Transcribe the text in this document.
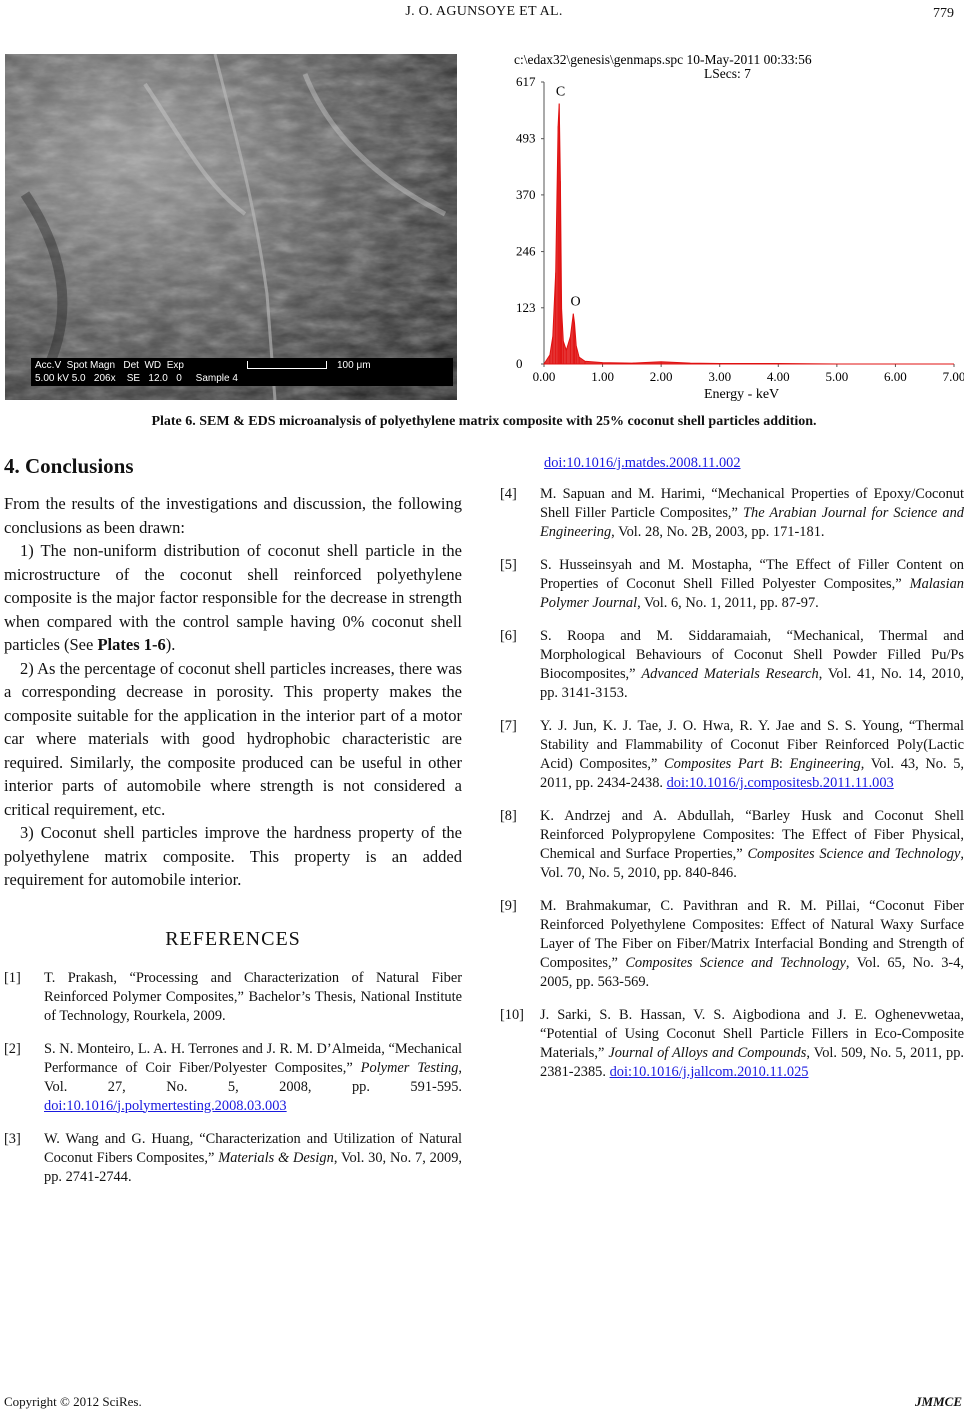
J. O. AGUNSOYE ET AL.	779
Acc.V  Spot Magn   Det  WD  Exp
5.00 kV 5.0   206x    SE   12.0   0     Sample 4
100 μm
c:\edax32\genesis\genmaps.spc 10-May-2011 00:33:56
LSecs: 7
0
123
246
370
493
617
0.00	1.00	2.00	3.00	4.00	5.00	6.00	7.00
C
O
Energy - keV
Plate 6. SEM & EDS microanalysis of polyethylene matrix composite with 25% coconut shell particles addition.
4. Conclusions

From the results of the investigations and discussion, the following conclusions as been drawn:

1) The non-uniform distribution of coconut shell particle in the microstructure of the coconut shell reinforced polyethylene composite is the major factor responsible for the decrease in strength when compared with the control sample having 0% coconut shell particles (See Plates 1-6).

2) As the percentage of coconut shell particles increases, there was a corresponding decrease in porosity. This property makes the composite suitable for the application in the interior part of a motor car where materials with good hydrophobic characteristic are required. Similarly, the composite produced can be useful in other interior parts of automobile where strength is not considered a critical requirement, etc.

3) Coconut shell particles improve the hardness property of the polyethylene matrix composite. This property is an added requirement for automobile interior.

REFERENCES
[1] T. Prakash, “Processing and Characterization of Natural Fiber Reinforced Polymer Composites,” Bachelor’s Thesis, National Institute of Technology, Rourkela, 2009.
[2] S. N. Monteiro, L. A. H. Terrones and J. R. M. D’Almeida, “Mechanical Performance of Coir Fiber/Polyester Composites,” Polymer Testing, Vol. 27, No. 5, 2008, pp. 591-595. doi:10.1016/j.polymertesting.2008.03.003
[3] W. Wang and G. Huang, “Characterization and Utilization of Natural Coconut Fibers Composites,” Materials & Design, Vol. 30, No. 7, 2009, pp. 2741-2744.
doi:10.1016/j.matdes.2008.11.002
[4] M. Sapuan and M. Harimi, “Mechanical Properties of Epoxy/Coconut Shell Filler Particle Composites,” The Arabian Journal for Science and Engineering, Vol. 28, No. 2B, 2003, pp. 171-181.
[5] S. Husseinsyah and M. Mostapha, “The Effect of Filler Content on Properties of Coconut Shell Filled Polyester Composites,” Malasian Polymer Journal, Vol. 6, No. 1, 2011, pp. 87-97.
[6] S. Roopa and M. Siddaramaiah, “Mechanical, Thermal and Morphological Behaviours of Coconut Shell Powder Filled Pu/Ps Biocomposites,” Advanced Materials Research, Vol. 41, No. 14, 2010, pp. 3141-3153.
[7] Y. J. Jun, K. J. Tae, J. O. Hwa, R. Y. Jae and S. S. Young, “Thermal Stability and Flammability of Coconut Fiber Reinforced Poly(Lactic Acid) Composites,” Composites Part B: Engineering, Vol. 43, No. 5, 2011, pp. 2434-2438. doi:10.1016/j.compositesb.2011.11.003
[8] K. Andrzej and A. Abdullah, “Barley Husk and Coconut Shell Reinforced Polypropylene Composites: The Effect of Fiber Physical, Chemical and Surface Properties,” Composites Science and Technology, Vol. 70, No. 5, 2010, pp. 840-846.
[9] M. Brahmakumar, C. Pavithran and R. M. Pillai, “Coconut Fiber Reinforced Polyethylene Composites: Effect of Natural Waxy Surface Layer of The Fiber on Fiber/Matrix Interfacial Bonding and Strength of Composites,” Composites Science and Technology, Vol. 65, No. 3-4, 2005, pp. 563-569.
[10] J. Sarki, S. B. Hassan, V. S. Aigbodiona and J. E. Oghenevwetaa, “Potential of Using Coconut Shell Particle Fillers in Eco-Composite Materials,” Journal of Alloys and Compounds, Vol. 509, No. 5, 2011, pp. 2381-2385. doi:10.1016/j.jallcom.2010.11.025
Copyright © 2012 SciRes.	JMMCE
